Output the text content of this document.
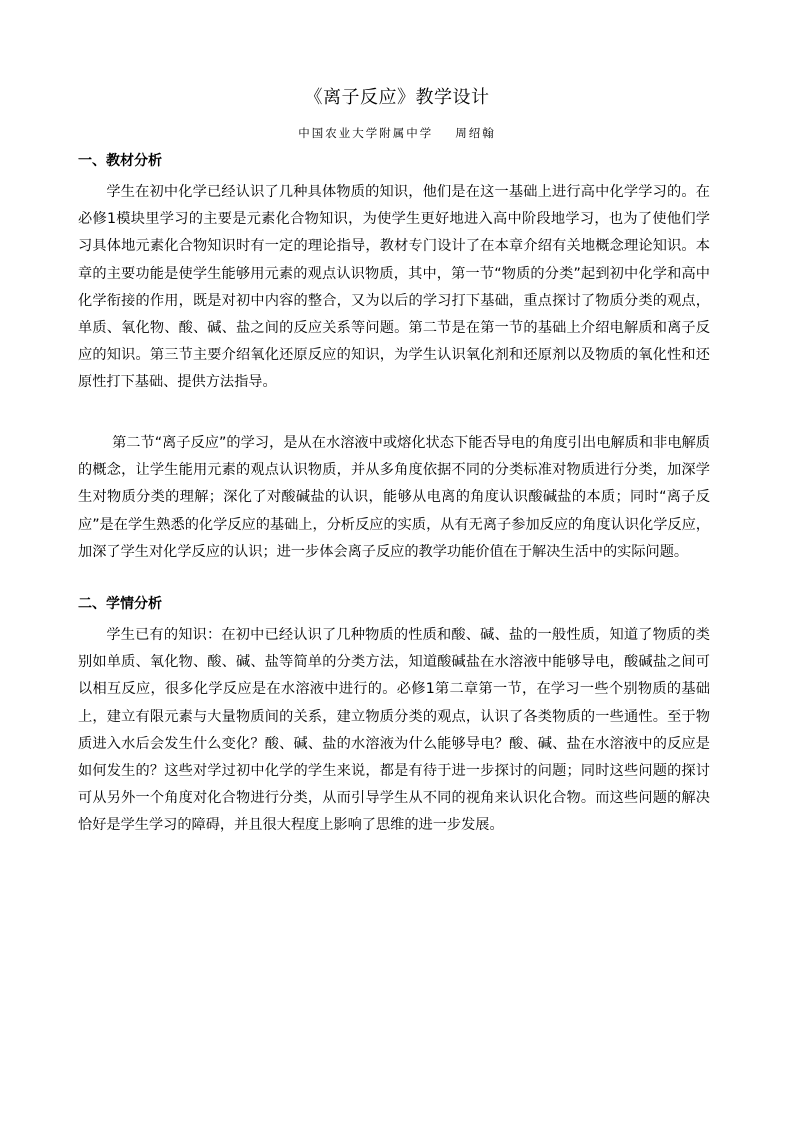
《离子反应》教学设计
中国农业大学附属中学 周绍翰
一、教材分析

学生在初中化学已经认识了几种具体物质的知识，他们是在这一基础上进行高中化学学习的。在必修1模块里学习的主要是元素化合物知识，为使学生更好地进入高中阶段地学习，也为了使他们学习具体地元素化合物知识时有一定的理论指导，教材专门设计了在本章介绍有关地概念理论知识。本章的主要功能是使学生能够用元素的观点认识物质，其中，第一节“物质的分类”起到初中化学和高中化学衔接的作用，既是对初中内容的整合，又为以后的学习打下基础，重点探讨了物质分类的观点，单质、氧化物、酸、碱、盐之间的反应关系等问题。第二节是在第一节的基础上介绍电解质和离子反应的知识。第三节主要介绍氧化还原反应的知识，为学生认识氧化剂和还原剂以及物质的氧化性和还原性打下基础、提供方法指导。

第二节“离子反应”的学习，是从在水溶液中或熔化状态下能否导电的角度引出电解质和非电解质的概念，让学生能用元素的观点认识物质，并从多角度依据不同的分类标准对物质进行分类，加深学生对物质分类的理解；深化了对酸碱盐的认识，能够从电离的角度认识酸碱盐的本质；同时“离子反应”是在学生熟悉的化学反应的基础上，分析反应的实质，从有无离子参加反应的角度认识化学反应，加深了学生对化学反应的认识；进一步体会离子反应的教学功能价值在于解决生活中的实际问题。

二、学情分析

学生已有的知识：在初中已经认识了几种物质的性质和酸、碱、盐的一般性质，知道了物质的类别如单质、氧化物、酸、碱、盐等简单的分类方法，知道酸碱盐在水溶液中能够导电，酸碱盐之间可以相互反应，很多化学反应是在水溶液中进行的。必修1第二章第一节，在学习一些个别物质的基础上，建立有限元素与大量物质间的关系，建立物质分类的观点，认识了各类物质的一些通性。至于物质进入水后会发生什么变化？酸、碱、盐的水溶液为什么能够导电？酸、碱、盐在水溶液中的反应是如何发生的？这些对学过初中化学的学生来说，都是有待于进一步探讨的问题；同时这些问题的探讨可从另外一个角度对化合物进行分类，从而引导学生从不同的视角来认识化合物。而这些问题的解决恰好是学生学习的障碍，并且很大程度上影响了思维的进一步发展。
